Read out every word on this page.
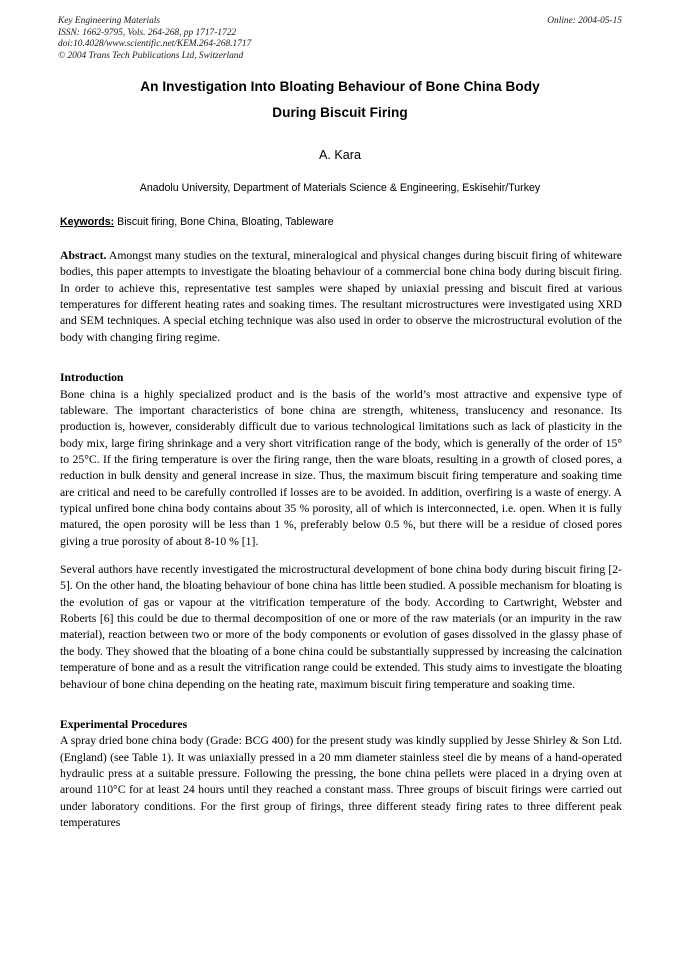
Key Engineering Materials
ISSN: 1662-9795, Vols. 264-268, pp 1717-1722
doi:10.4028/www.scientific.net/KEM.264-268.1717
© 2004 Trans Tech Publications Ltd, Switzerland
Online: 2004-05-15
An Investigation Into Bloating Behaviour of Bone China Body
During Biscuit Firing
A. Kara
Anadolu University, Department of Materials Science & Engineering, Eskisehir/Turkey
Keywords: Biscuit firing, Bone China, Bloating, Tableware

Abstract. Amongst many studies on the textural, mineralogical and physical changes during biscuit firing of whiteware bodies, this paper attempts to investigate the bloating behaviour of a commercial bone china body during biscuit firing. In order to achieve this, representative test samples were shaped by uniaxial pressing and biscuit fired at various temperatures for different heating rates and soaking times. The resultant microstructures were investigated using XRD and SEM techniques. A special etching technique was also used in order to observe the microstructural evolution of the body with changing firing regime.

Introduction

Bone china is a highly specialized product and is the basis of the world’s most attractive and expensive type of tableware. The important characteristics of bone china are strength, whiteness, translucency and resonance. Its production is, however, considerably difficult due to various technological limitations such as lack of plasticity in the body mix, large firing shrinkage and a very short vitrification range of the body, which is generally of the order of 15° to 25°C. If the firing temperature is over the firing range, then the ware bloats, resulting in a growth of closed pores, a reduction in bulk density and general increase in size. Thus, the maximum biscuit firing temperature and soaking time are critical and need to be carefully controlled if losses are to be avoided. In addition, overfiring is a waste of energy. A typical unfired bone china body contains about 35 % porosity, all of which is interconnected, i.e. open. When it is fully matured, the open porosity will be less than 1 %, preferably below 0.5 %, but there will be a residue of closed pores giving a true porosity of about 8-10 % [1].

Several authors have recently investigated the microstructural development of bone china body during biscuit firing [2-5]. On the other hand, the bloating behaviour of bone china has little been studied. A possible mechanism for bloating is the evolution of gas or vapour at the vitrification temperature of the body. According to Cartwright, Webster and Roberts [6] this could be due to thermal decomposition of one or more of the raw materials (or an impurity in the raw material), reaction between two or more of the body components or evolution of gases dissolved in the glassy phase of the body. They showed that the bloating of a bone china could be substantially suppressed by increasing the calcination temperature of bone and as a result the vitrification range could be extended. This study aims to investigate the bloating behaviour of bone china depending on the heating rate, maximum biscuit firing temperature and soaking time.

Experimental Procedures

A spray dried bone china body (Grade: BCG 400) for the present study was kindly supplied by Jesse Shirley & Son Ltd. (England) (see Table 1). It was uniaxially pressed in a 20 mm diameter stainless steel die by means of a hand-operated hydraulic press at a suitable pressure. Following the pressing, the bone china pellets were placed in a drying oven at around 110°C for at least 24 hours until they reached a constant mass. Three groups of biscuit firings were carried out under laboratory conditions. For the first group of firings, three different steady firing rates to three different peak temperatures
